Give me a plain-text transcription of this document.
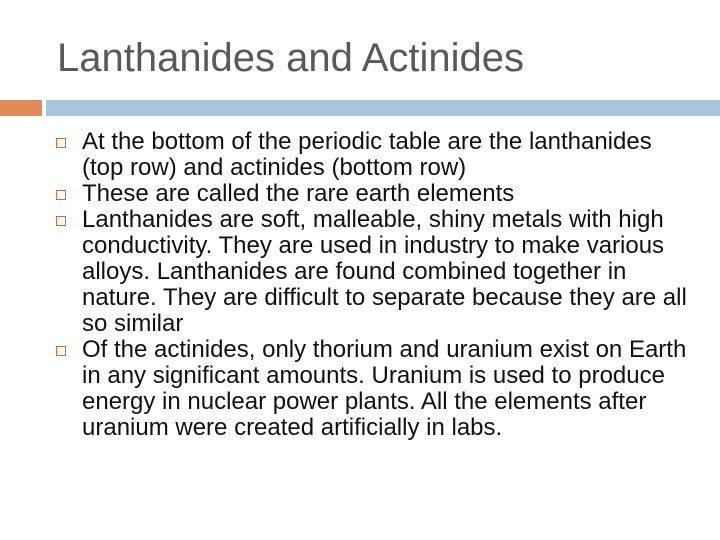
Lanthanides and Actinides
At the bottom of the periodic table are the lanthanides (top row) and actinides (bottom row)
These are called the rare earth elements
Lanthanides are soft, malleable, shiny metals with high conductivity. They are used in industry to make various alloys. Lanthanides are found combined together in nature. They are difficult to separate because they are all so similar
Of the actinides, only thorium and uranium exist on Earth in any significant amounts. Uranium is used to produce energy in nuclear power plants. All the elements after uranium were created artificially in labs.
